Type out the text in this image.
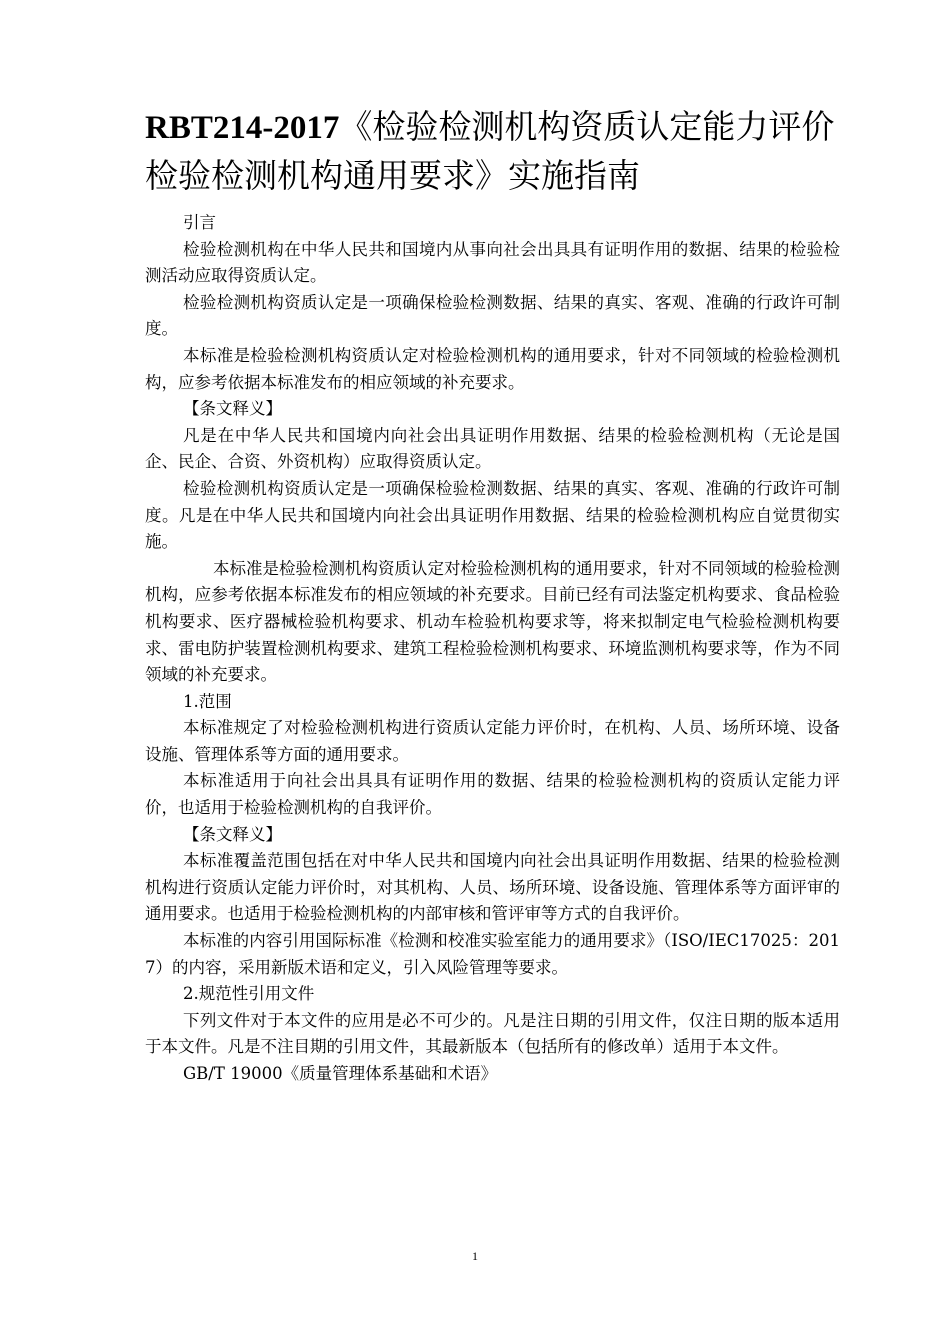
RBT214-2017《检验检测机构资质认定能力评价 检验检测机构通用要求》实施指南

引言

检验检测机构在中华人民共和国境内从事向社会出具具有证明作用的数据、结果的检验检测活动应取得资质认定。

检验检测机构资质认定是一项确保检验检测数据、结果的真实、客观、准确的行政许可制度。

本标准是检验检测机构资质认定对检验检测机构的通用要求，针对不同领域的检验检测机构，应参考依据本标准发布的相应领域的补充要求。

【条文释义】

凡是在中华人民共和国境内向社会出具证明作用数据、结果的检验检测机构（无论是国企、民企、合资、外资机构）应取得资质认定。

检验检测机构资质认定是一项确保检验检测数据、结果的真实、客观、准确的行政许可制度。凡是在中华人民共和国境内向社会出具证明作用数据、结果的检验检测机构应自觉贯彻实施。

本标准是检验检测机构资质认定对检验检测机构的通用要求，针对不同领域的检验检测机构，应参考依据本标准发布的相应领域的补充要求。目前已经有司法鉴定机构要求、食品检验机构要求、医疗器械检验机构要求、机动车检验机构要求等，将来拟制定电气检验检测机构要求、雷电防护装置检测机构要求、建筑工程检验检测机构要求、环境监测机构要求等，作为不同领域的补充要求。

1.范围

本标准规定了对检验检测机构进行资质认定能力评价时，在机构、人员、场所环境、设备设施、管理体系等方面的通用要求。

本标准适用于向社会出具具有证明作用的数据、结果的检验检测机构的资质认定能力评价，也适用于检验检测机构的自我评价。

【条文释义】

本标准覆盖范围包括在对中华人民共和国境内向社会出具证明作用数据、结果的检验检测机构进行资质认定能力评价时，对其机构、人员、场所环境、设备设施、管理体系等方面评审的通用要求。也适用于检验检测机构的内部审核和管评审等方式的自我评价。

本标准的内容引用国际标准《检测和校准实验室能力的通用要求》（ISO/IEC17025：2017）的内容，采用新版术语和定义，引入风险管理等要求。

2.规范性引用文件

下列文件对于本文件的应用是必不可少的。凡是注日期的引用文件，仅注日期的版本适用于本文件。凡是不注目期的引用文件，其最新版本（包括所有的修改单）适用于本文件。

GB/T 19000《质量管理体系基础和术语》

1
